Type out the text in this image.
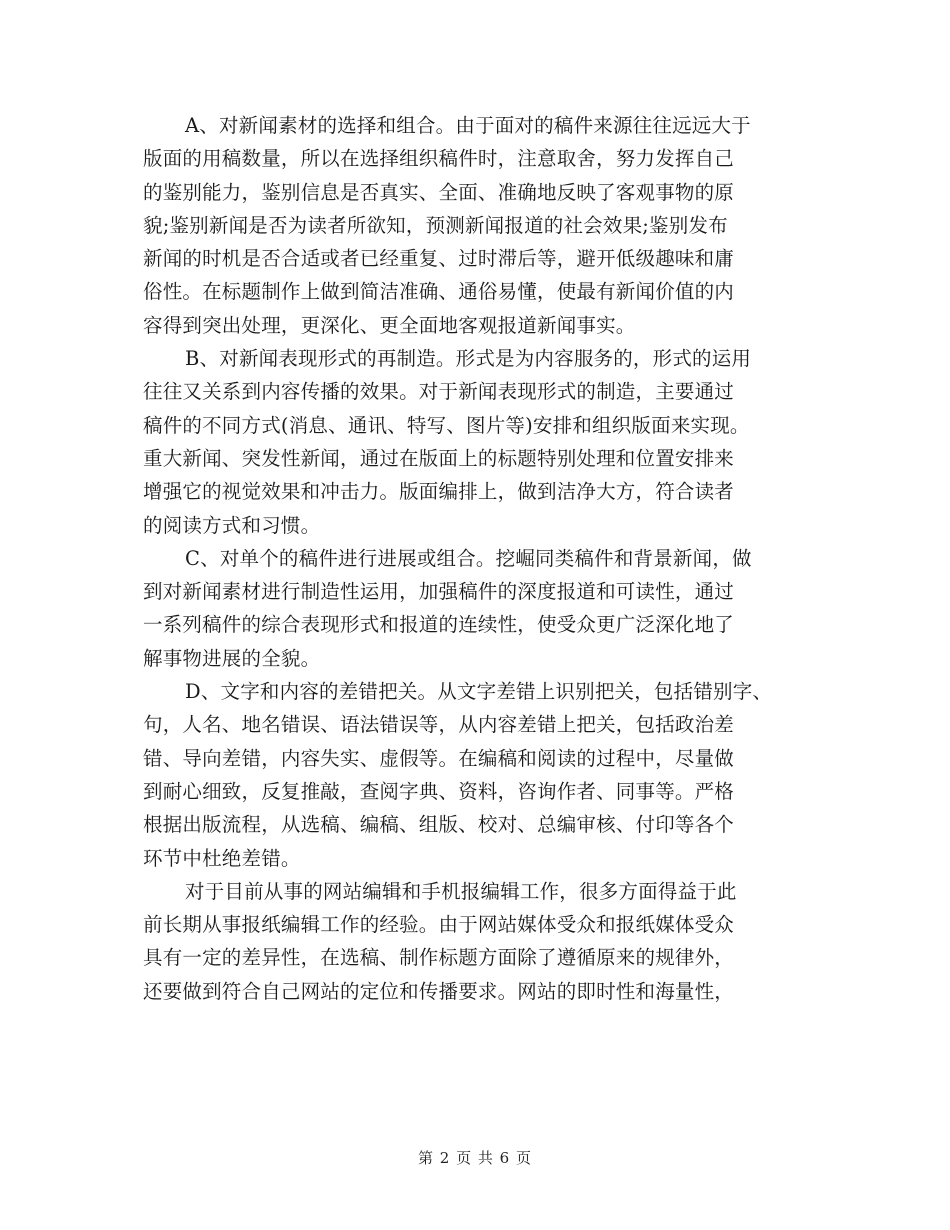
A、对新闻素材的选择和组合。由于面对的稿件来源往往远远大于
版面的用稿数量，所以在选择组织稿件时，注意取舍，努力发挥自己
的鉴别能力，鉴别信息是否真实、全面、准确地反映了客观事物的原
貌;鉴别新闻是否为读者所欲知，预测新闻报道的社会效果;鉴别发布
新闻的时机是否合适或者已经重复、过时滞后等，避开低级趣味和庸
俗性。在标题制作上做到简洁准确、通俗易懂，使最有新闻价值的内
容得到突出处理，更深化、更全面地客观报道新闻事实。
B、对新闻表现形式的再制造。形式是为内容服务的，形式的运用
往往又关系到内容传播的效果。对于新闻表现形式的制造，主要通过
稿件的不同方式(消息、通讯、特写、图片等)安排和组织版面来实现。
重大新闻、突发性新闻，通过在版面上的标题特别处理和位置安排来
增强它的视觉效果和冲击力。版面编排上，做到洁净大方，符合读者
的阅读方式和习惯。
C、对单个的稿件进行进展或组合。挖崛同类稿件和背景新闻，做
到对新闻素材进行制造性运用，加强稿件的深度报道和可读性，通过
一系列稿件的综合表现形式和报道的连续性，使受众更广泛深化地了
解事物进展的全貌。
D、文字和内容的差错把关。从文字差错上识别把关，包括错别字、
句，人名、地名错误、语法错误等，从内容差错上把关，包括政治差
错、导向差错，内容失实、虚假等。在编稿和阅读的过程中，尽量做
到耐心细致，反复推敲，查阅字典、资料，咨询作者、同事等。严格
根据出版流程，从选稿、编稿、组版、校对、总编审核、付印等各个
环节中杜绝差错。
对于目前从事的网站编辑和手机报编辑工作，很多方面得益于此
前长期从事报纸编辑工作的经验。由于网站媒体受众和报纸媒体受众
具有一定的差异性，在选稿、制作标题方面除了遵循原来的规律外，
还要做到符合自己网站的定位和传播要求。网站的即时性和海量性，
第 2 页 共 6 页
